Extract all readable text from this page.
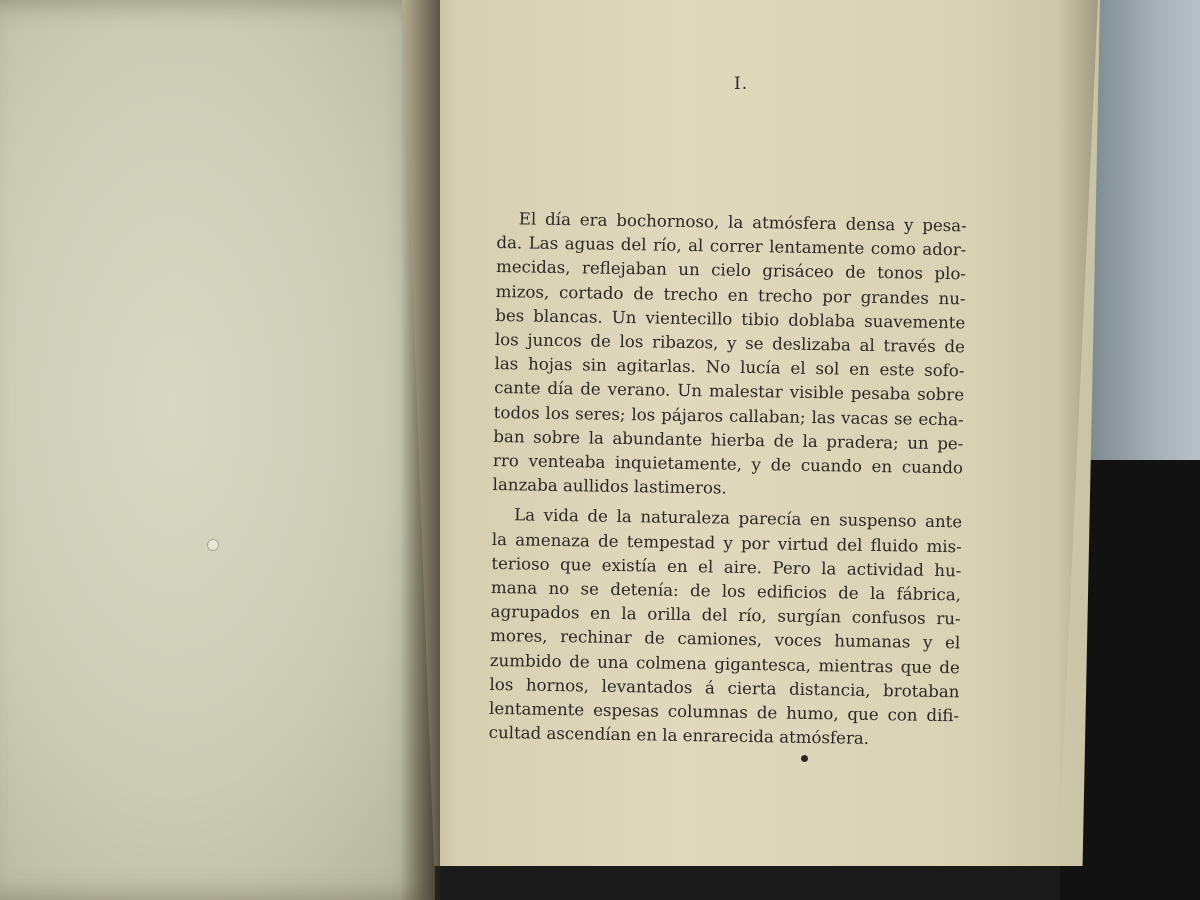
I.
El día era bochornoso, la atmósfera densa y pesa-
da. Las aguas del río, al correr lentamente como ador-
mecidas, reflejaban un cielo grisáceo de tonos plo-
mizos, cortado de trecho en trecho por grandes nu-
bes blancas. Un vientecillo tibio doblaba suavemente
los juncos de los ribazos, y se deslizaba al través de
las hojas sin agitarlas. No lucía el sol en este sofo-
cante día de verano. Un malestar visible pesaba sobre
todos los seres; los pájaros callaban; las vacas se echa-
ban sobre la abundante hierba de la pradera; un pe-
rro venteaba inquietamente, y de cuando en cuando
lanzaba aullidos lastimeros.
La vida de la naturaleza parecía en suspenso ante
la amenaza de tempestad y por virtud del fluido mis-
terioso que existía en el aire. Pero la actividad hu-
mana no se detenía: de los edificios de la fábrica,
agrupados en la orilla del río, surgían confusos ru-
mores, rechinar de camiones, voces humanas y el
zumbido de una colmena gigantesca, mientras que de
los hornos, levantados á cierta distancia, brotaban
lentamente espesas columnas de humo, que con difi-
cultad ascendían en la enrarecida atmósfera.
